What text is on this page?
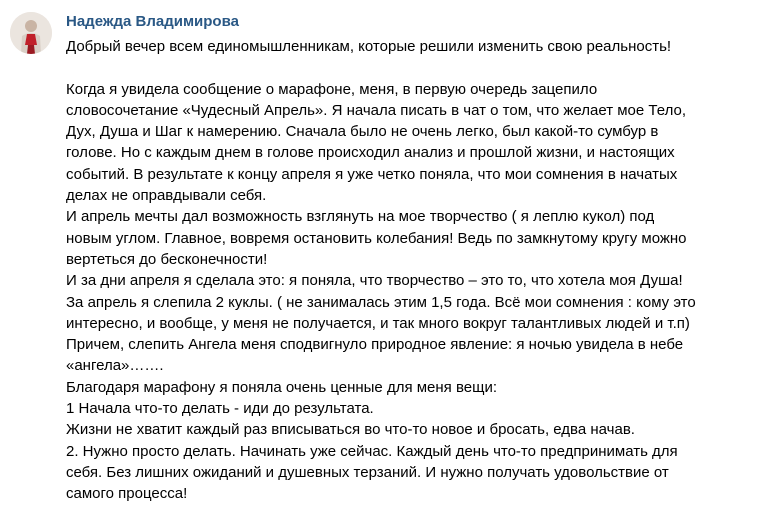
Надежда Владимирова
Добрый вечер всем единомышленникам, которые решили изменить свою реальность!
Когда я увидела сообщение о марафоне, меня, в первую очередь зацепило
словосочетание «Чудесный Апрель». Я начала писать в чат о том, что желает мое Тело,
Дух, Душа и Шаг к намерению. Сначала было не очень легко, был какой-то сумбур в
голове. Но с каждым днем в голове происходил анализ и прошлой жизни, и настоящих
событий. В результате к концу апреля я уже четко поняла, что мои сомнения в начатых
делах не оправдывали себя.
И апрель мечты дал возможность взглянуть на мое творчество ( я леплю кукол) под
новым углом. Главное, вовремя остановить колебания! Ведь по замкнутому кругу можно
вертеться до бесконечности!
И за дни апреля я сделала это: я поняла, что творчество – это то, что хотела моя Душа!
За апрель я слепила 2 куклы. ( не занималась этим 1,5 года. Всё мои сомнения : кому это
интересно, и вообще, у меня не получается, и так много вокруг талантливых людей и т.п)
Причем, слепить Ангела меня сподвигнуло природное явление: я ночью увидела в небе
«ангела»…….
Благодаря марафону я поняла очень ценные для меня вещи:
1 Начала что-то делать - иди до результата.
Жизни не хватит каждый раз вписываться во что-то новое и бросать, едва начав.
2. Нужно просто делать. Начинать уже сейчас. Каждый день что-то предпринимать для
себя. Без лишних ожиданий и душевных терзаний. И нужно получать удовольствие от
самого процесса!
